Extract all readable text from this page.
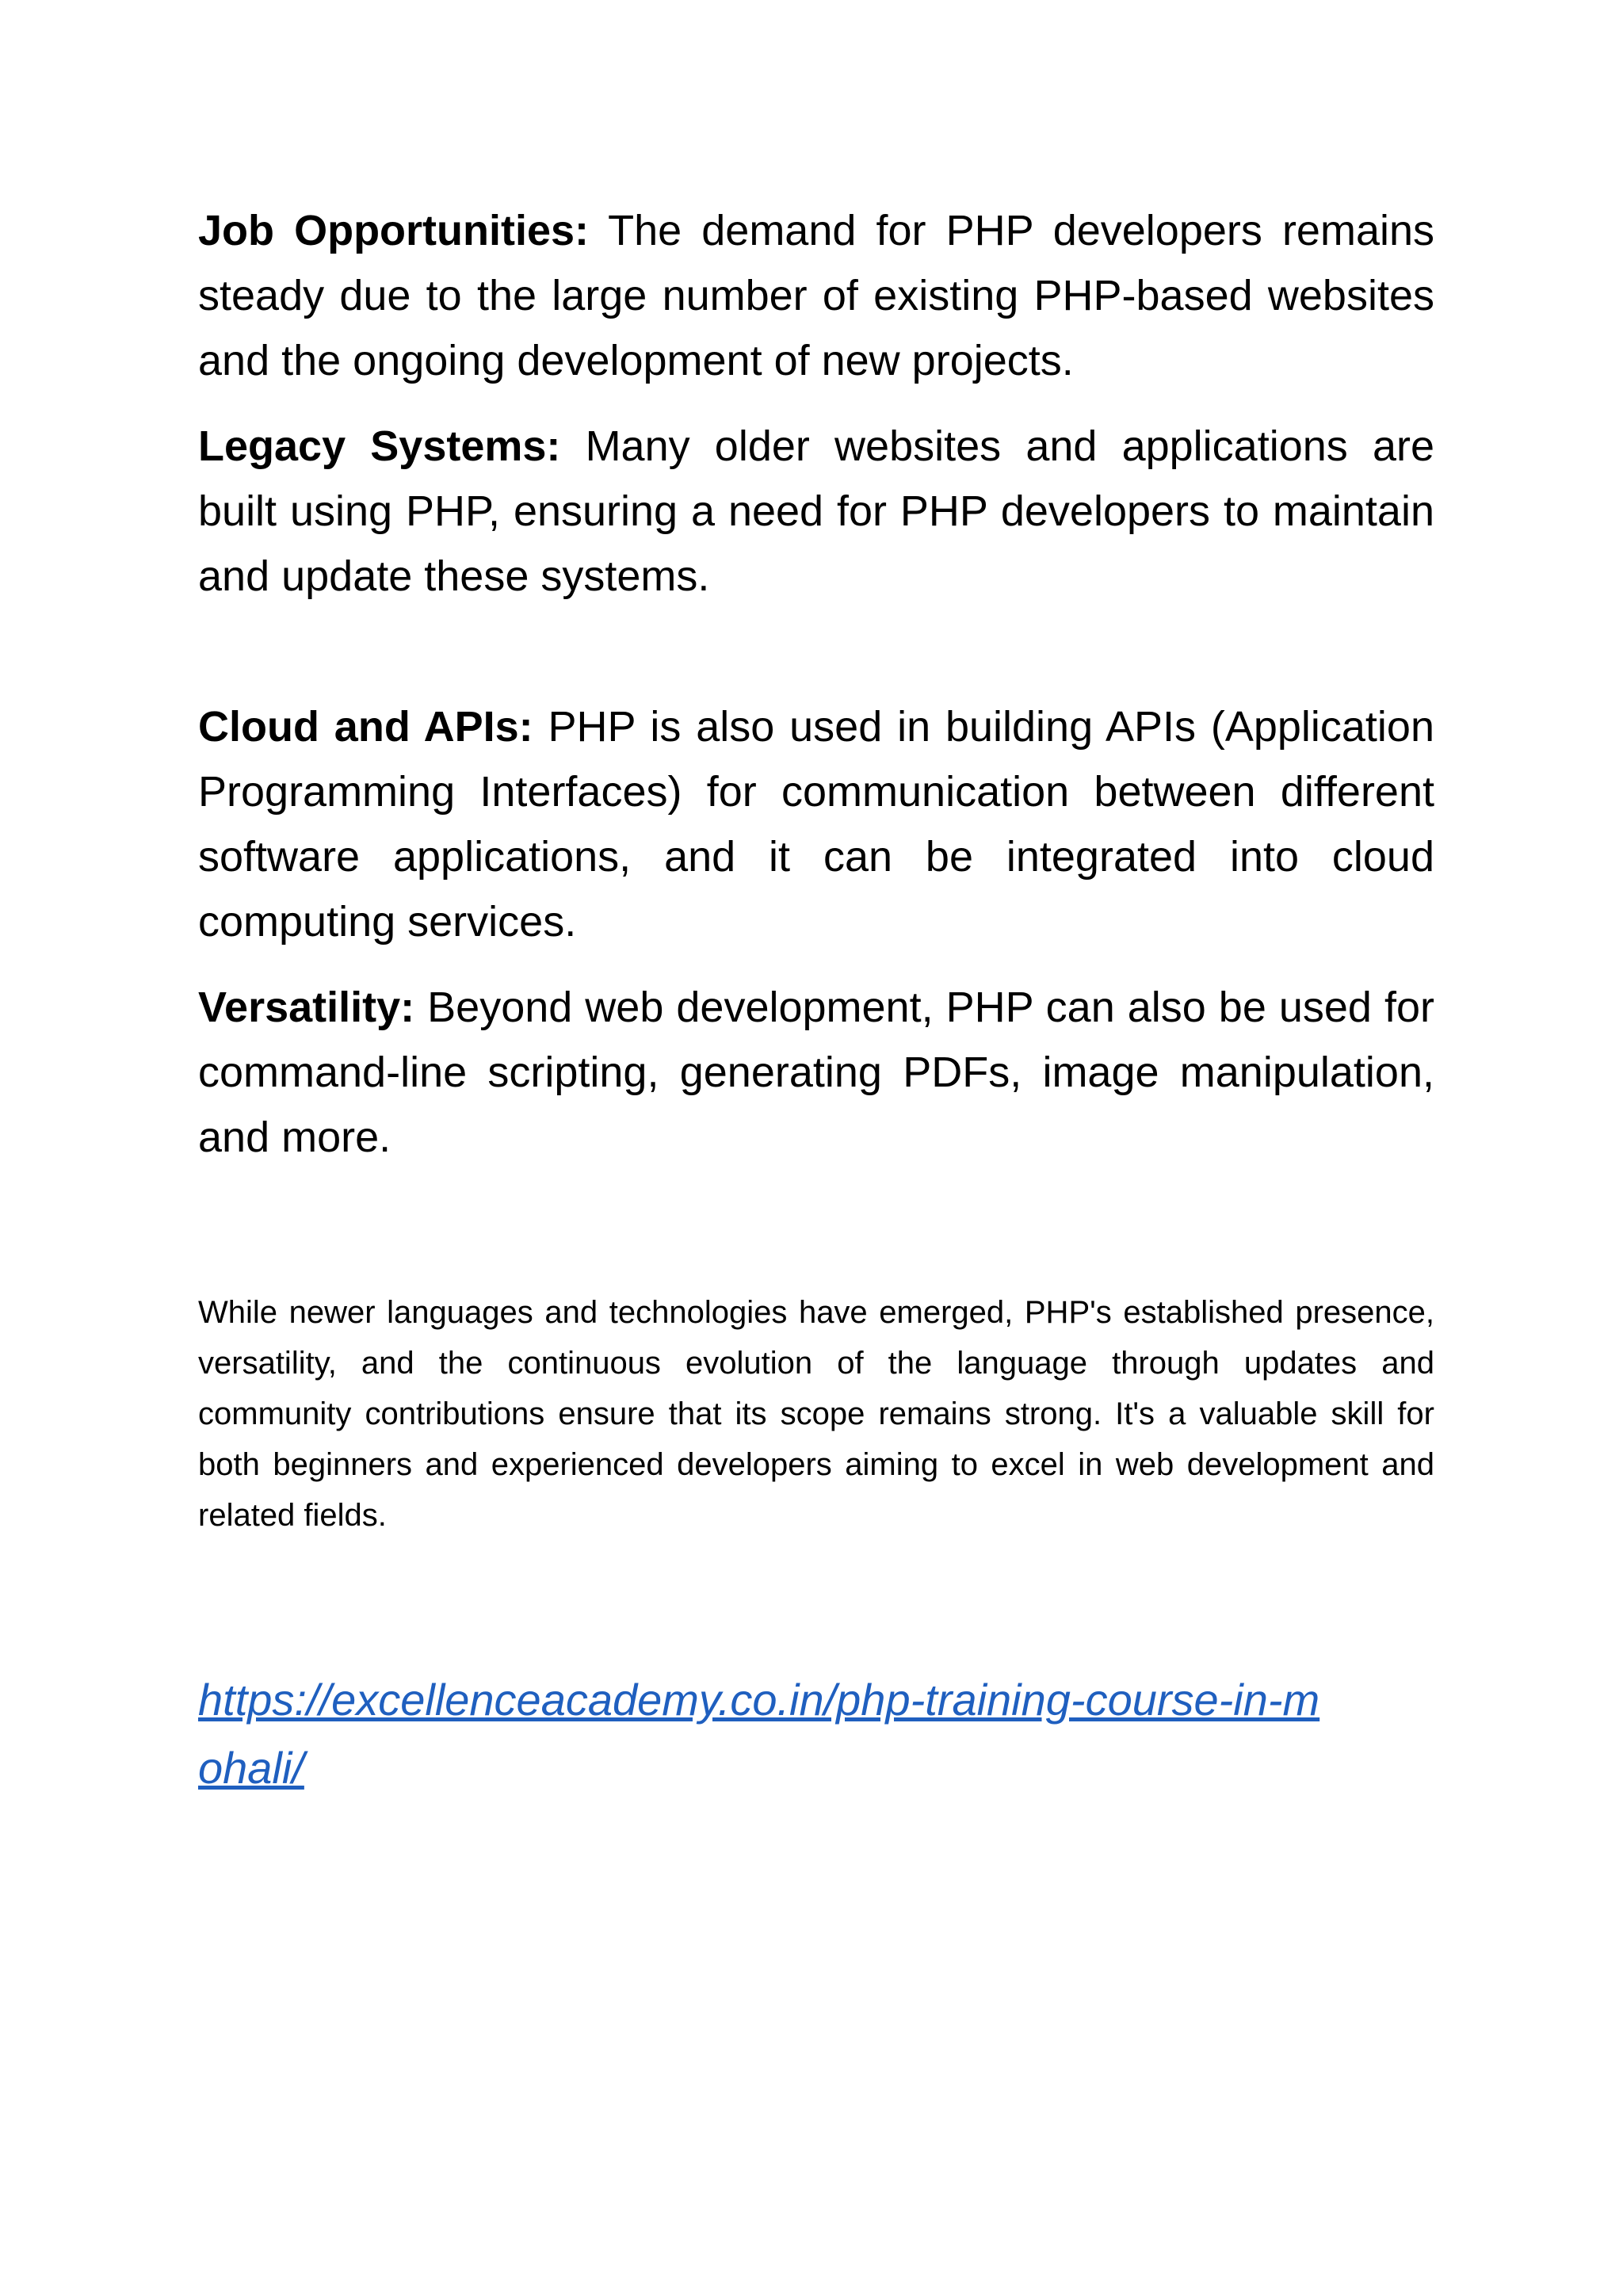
Job Opportunities: The demand for PHP developers remains steady due to the large number of existing PHP-based websites and the ongoing development of new projects.

Legacy Systems: Many older websites and applications are built using PHP, ensuring a need for PHP developers to maintain and update these systems.

Cloud and APIs: PHP is also used in building APIs (Application Programming Interfaces) for communication between different software applications, and it can be integrated into cloud computing services.

Versatility: Beyond web development, PHP can also be used for command-line scripting, generating PDFs, image manipulation, and more.

While newer languages and technologies have emerged, PHP's established presence, versatility, and the continuous evolution of the language through updates and community contributions ensure that its scope remains strong. It's a valuable skill for both beginners and experienced developers aiming to excel in web development and related fields.

https://excellenceacademy.co.in/php-training-course-in-mohali/
